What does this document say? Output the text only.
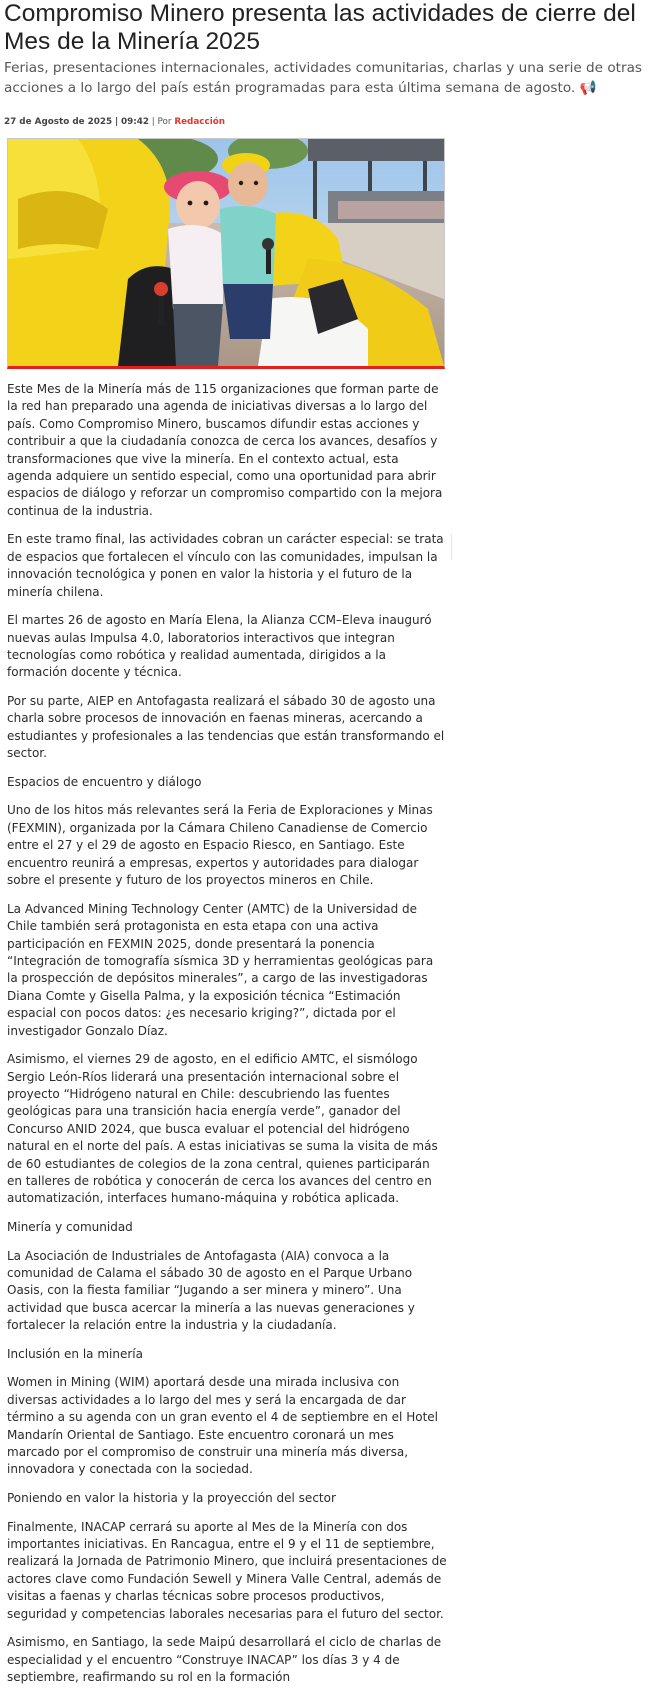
Compromiso Minero presenta las actividades de cierre del Mes de la Minería 2025

Ferias, presentaciones internacionales, actividades comunitarias, charlas y una serie de otras acciones a lo largo del país están programadas para esta última semana de agosto. 📢

27 de Agosto de 2025 | 09:42 | Por Redacción

Este Mes de la Minería más de 115 organizaciones que forman parte de la red han preparado una agenda de iniciativas diversas a lo largo del país. Como Compromiso Minero, buscamos difundir estas acciones y contribuir a que la ciudadanía conozca de cerca los avances, desafíos y transformaciones que vive la minería. En el contexto actual, esta agenda adquiere un sentido especial, como una oportunidad para abrir espacios de diálogo y reforzar un compromiso compartido con la mejora continua de la industria.

En este tramo final, las actividades cobran un carácter especial: se trata de espacios que fortalecen el vínculo con las comunidades, impulsan la innovación tecnológica y ponen en valor la historia y el futuro de la minería chilena.

El martes 26 de agosto en María Elena, la Alianza CCM–Eleva inauguró nuevas aulas Impulsa 4.0, laboratorios interactivos que integran tecnologías como robótica y realidad aumentada, dirigidos a la formación docente y técnica.

Por su parte, AIEP en Antofagasta realizará el sábado 30 de agosto una charla sobre procesos de innovación en faenas mineras, acercando a estudiantes y profesionales a las tendencias que están transformando el sector.

Espacios de encuentro y diálogo

Uno de los hitos más relevantes será la Feria de Exploraciones y Minas (FEXMIN), organizada por la Cámara Chileno Canadiense de Comercio entre el 27 y el 29 de agosto en Espacio Riesco, en Santiago. Este encuentro reunirá a empresas, expertos y autoridades para dialogar sobre el presente y futuro de los proyectos mineros en Chile.

La Advanced Mining Technology Center (AMTC) de la Universidad de Chile también será protagonista en esta etapa con una activa participación en FEXMIN 2025, donde presentará la ponencia “Integración de tomografía sísmica 3D y herramientas geológicas para la prospección de depósitos minerales”, a cargo de las investigadoras Diana Comte y Gisella Palma, y la exposición técnica “Estimación espacial con pocos datos: ¿es necesario kriging?”, dictada por el investigador Gonzalo Díaz.

Asimismo, el viernes 29 de agosto, en el edificio AMTC, el sismólogo Sergio León-Ríos liderará una presentación internacional sobre el proyecto “Hidrógeno natural en Chile: descubriendo las fuentes geológicas para una transición hacia energía verde”, ganador del Concurso ANID 2024, que busca evaluar el potencial del hidrógeno natural en el norte del país. A estas iniciativas se suma la visita de más de 60 estudiantes de colegios de la zona central, quienes participarán en talleres de robótica y conocerán de cerca los avances del centro en automatización, interfaces humano-máquina y robótica aplicada.

Minería y comunidad

La Asociación de Industriales de Antofagasta (AIA) convoca a la comunidad de Calama el sábado 30 de agosto en el Parque Urbano Oasis, con la fiesta familiar “Jugando a ser minera y minero”. Una actividad que busca acercar la minería a las nuevas generaciones y fortalecer la relación entre la industria y la ciudadanía.

Inclusión en la minería

Women in Mining (WIM) aportará desde una mirada inclusiva con diversas actividades a lo largo del mes y será la encargada de dar término a su agenda con un gran evento el 4 de septiembre en el Hotel Mandarín Oriental de Santiago. Este encuentro coronará un mes marcado por el compromiso de construir una minería más diversa, innovadora y conectada con la sociedad.

Poniendo en valor la historia y la proyección del sector

Finalmente, INACAP cerrará su aporte al Mes de la Minería con dos importantes iniciativas. En Rancagua, entre el 9 y el 11 de septiembre, realizará la Jornada de Patrimonio Minero, que incluirá presentaciones de actores clave como Fundación Sewell y Minera Valle Central, además de visitas a faenas y charlas técnicas sobre procesos productivos, seguridad y competencias laborales necesarias para el futuro del sector.

Asimismo, en Santiago, la sede Maipú desarrollará el ciclo de charlas de especialidad y el encuentro “Construye INACAP” los días 3 y 4 de septiembre, reafirmando su rol en la formación
